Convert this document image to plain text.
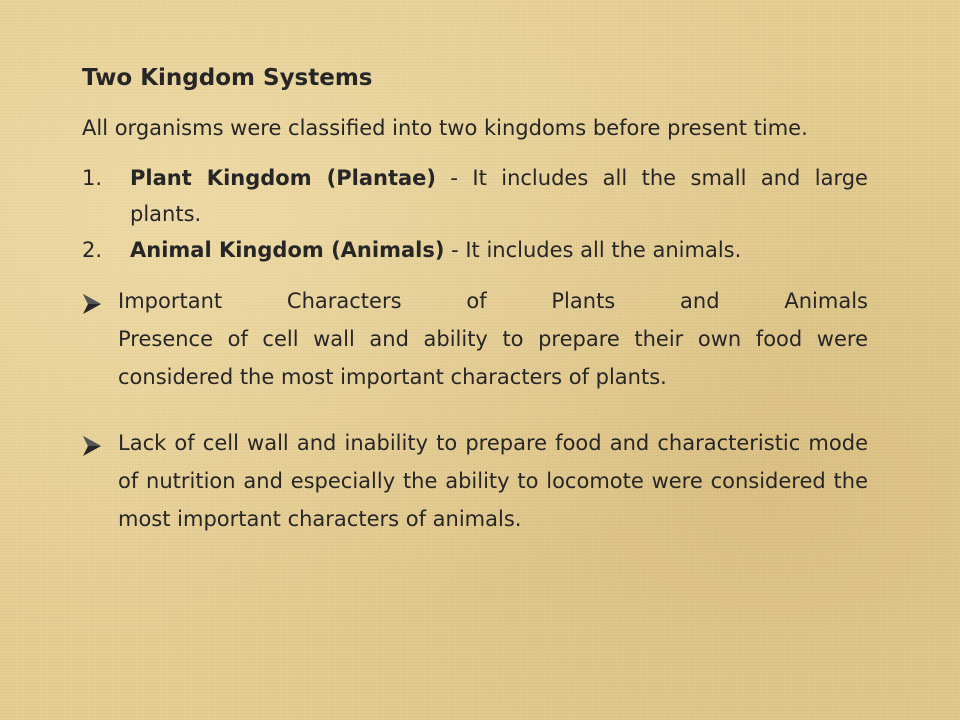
Two Kingdom Systems
All organisms were classified into two kingdoms before present time.
1. Plant Kingdom (Plantae) - It includes all the small and large plants.
2. Animal Kingdom (Animals) - It includes all the animals.
Important Characters of Plants and Animals
Presence of cell wall and ability to prepare their own food were considered the most important characters of plants.
Lack of cell wall and inability to prepare food and characteristic mode of nutrition and especially the ability to locomote were considered the most important characters of animals.
